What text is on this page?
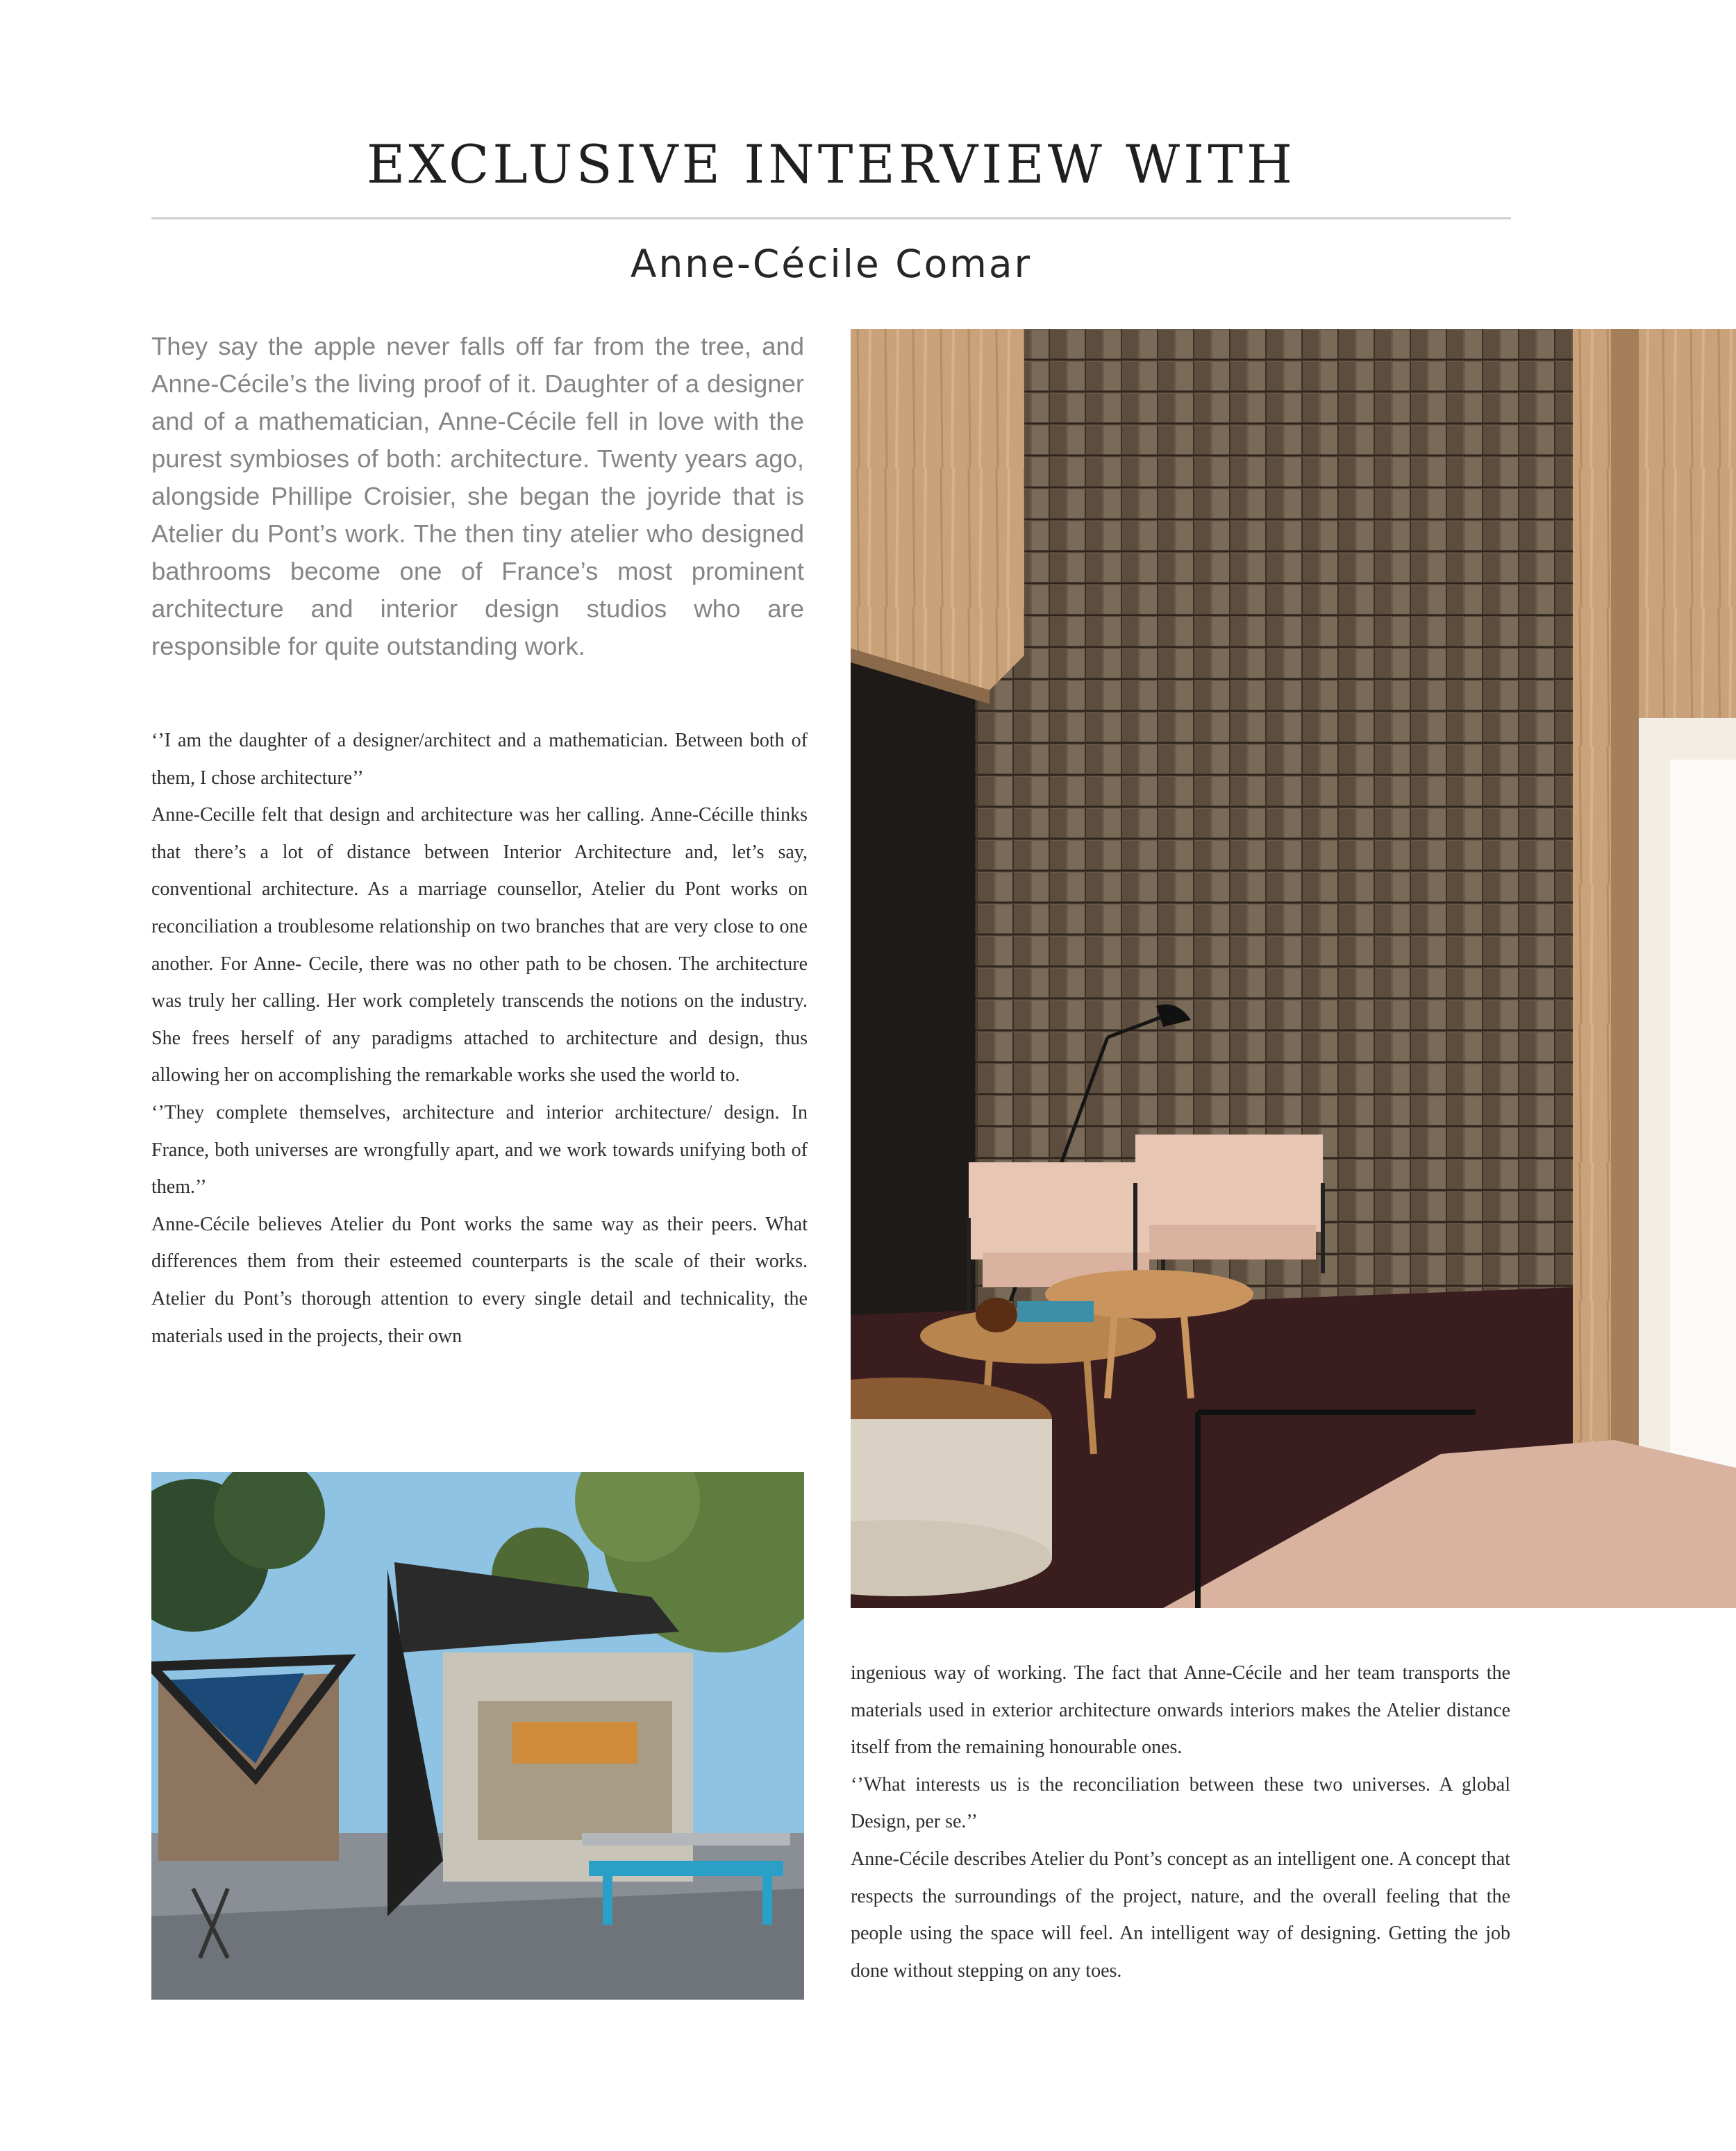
EXCLUSIVE INTERVIEW WITH
Anne-Cécile Comar

They say the apple never falls off far from the tree, and Anne-Cécile’s the living proof of it. Daughter of a designer and of a mathematician, Anne-Cécile fell in love with the purest symbioses of both: architecture. Twenty years ago, alongside Phillipe Croisier, she began the joyride that is Atelier du Pont’s work. The then tiny atelier who designed bathrooms become one of France’s most prominent architecture and interior design studios who are responsible for quite outstanding work.

‘’I am the daughter of a designer/architect and a mathematician. Between both of them, I chose architecture’’

Anne-Cecille felt that design and architecture was her calling. Anne-Cécille thinks that there’s a lot of distance between Interior Architecture and, let’s say, conventional architecture. As a marriage counsellor, Atelier du Pont works on reconciliation a troublesome relationship on two branches that are very close to one another. For Anne- Cecile, there was no other path to be chosen. The architecture was truly her calling. Her work completely transcends the notions on the industry. She frees herself of any paradigms attached to architecture and design, thus allowing her on accomplishing the remarkable works she used the world to.

‘’They complete themselves, architecture and interior architecture/ design. In France, both universes are wrongfully apart, and we work towards unifying both of them.’’

Anne-Cécile believes Atelier du Pont works the same way as their peers. What differences them from their esteemed counterparts is the scale of their works. Atelier du Pont’s thorough attention to every single detail and technicality, the materials used in the projects, their own

ingenious way of working. The fact that Anne-Cécile and her team transports the materials used in exterior architecture onwards interiors makes the Atelier distance itself from the remaining honourable ones.

‘’What interests us is the reconciliation between these two universes. A global Design, per se.’’

Anne-Cécile describes Atelier du Pont’s concept as an intelligent one. A concept that respects the surroundings of the project, nature, and the overall feeling that the people using the space will feel. An intelligent way of designing. Getting the job done without stepping on any toes.
